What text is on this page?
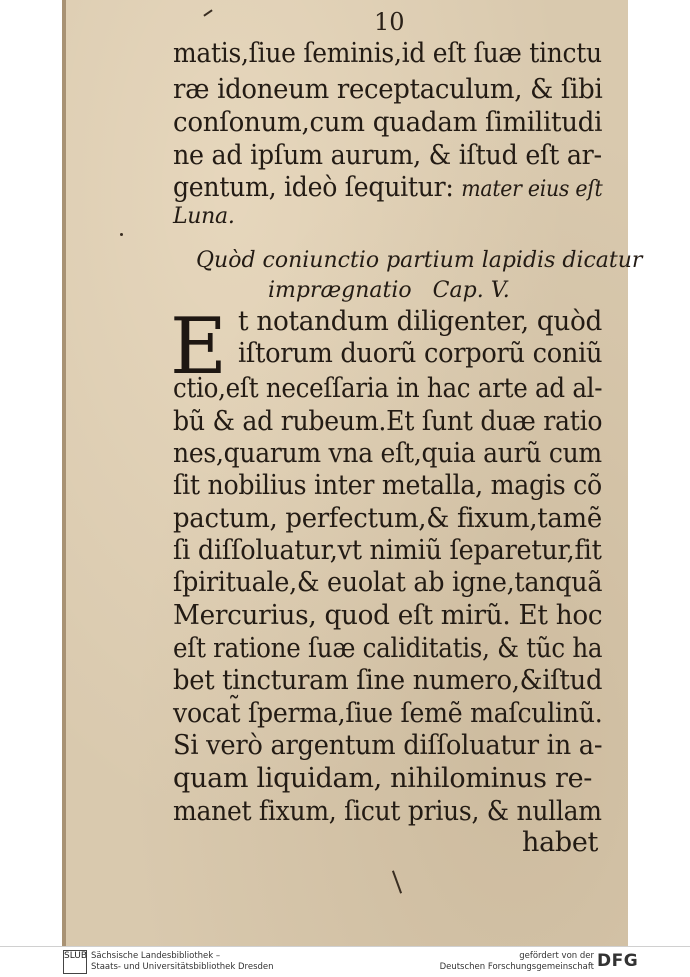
10
matis,ſiue ſeminis,id eſt ſuæ tinctu
ræ idoneum receptaculum, & ſibi
conſonum,cum quadam ſimilitudi
ne ad ipſum aurum, & iſtud eſt ar-
gentum, ideò ſequitur: mater eius eſt
Luna.
Quòd coniunctio partium lapidis dicatur
imprægnatio Cap. V.
E t notandum diligenter, quòd
iſtorum duorũ corporũ coniũ
ctio,eſt neceſſaria in hac arte ad al-
bũ & ad rubeum.Et ſunt duæ ratio
nes,quarum vna eſt,quia aurũ cum
ſit nobilius inter metalla, magis cõ
pactum, perfectum,& fixum,tamẽ
ſi diſſoluatur,vt nimiũ ſeparetur,fit
ſpirituale,& euolat ab igne,tanquã
Mercurius, quod eſt mirũ. Et hoc
eſt ratione ſuæ caliditatis, & tũc ha
bet tincturam ſine numero,&iſtud
vocat̃ ſperma,ſiue ſemẽ maſculinũ.
Si verò argentum diſſoluatur in a-
quam liquidam, nihilominus re-
manet fixum, ſicut prius, & nullam
habet
SLUB Sächsische Landesbibliothek –
Staats- und Universitätsbibliothek Dresden
gefördert von der
Deutschen Forschungsgemeinschaft DFG
